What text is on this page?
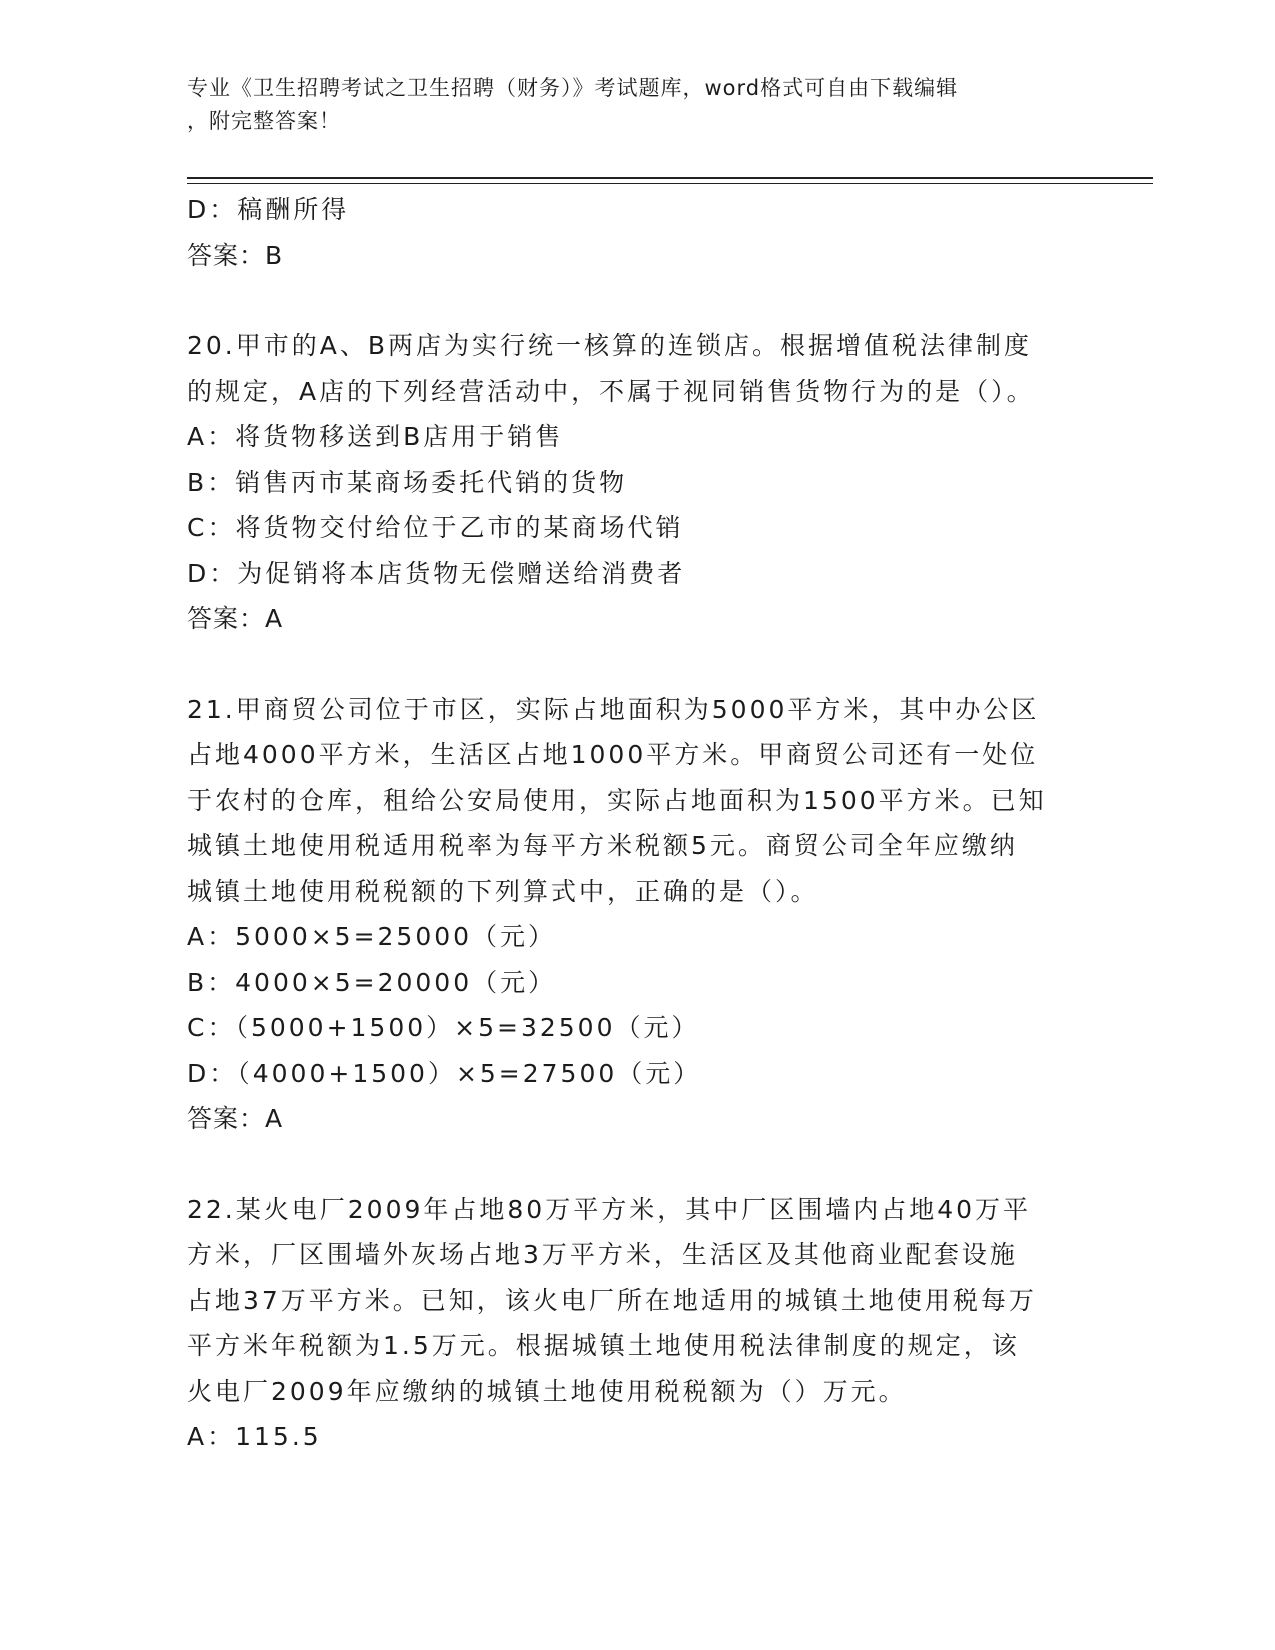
专业《卫生招聘考试之卫生招聘（财务）》考试题库，word格式可自由下载编辑
，附完整答案！
D：稿酬所得
答案：B
20.甲市的A、B两店为实行统一核算的连锁店。根据增值税法律制度
的规定，A店的下列经营活动中，不属于视同销售货物行为的是（）。
A：将货物移送到B店用于销售
B：销售丙市某商场委托代销的货物
C：将货物交付给位于乙市的某商场代销
D：为促销将本店货物无偿赠送给消费者
答案：A
21.甲商贸公司位于市区，实际占地面积为5000平方米，其中办公区
占地4000平方米，生活区占地1000平方米。甲商贸公司还有一处位
于农村的仓库，租给公安局使用，实际占地面积为1500平方米。已知
城镇土地使用税适用税率为每平方米税额5元。商贸公司全年应缴纳
城镇土地使用税税额的下列算式中，正确的是（）。
A：5000×5=25000（元）
B：4000×5=20000（元）
C：（5000+1500）×5=32500（元）
D：（4000+1500）×5=27500（元）
答案：A
22.某火电厂2009年占地80万平方米，其中厂区围墙内占地40万平
方米，厂区围墙外灰场占地3万平方米，生活区及其他商业配套设施
占地37万平方米。已知，该火电厂所在地适用的城镇土地使用税每万
平方米年税额为1.5万元。根据城镇土地使用税法律制度的规定，该
火电厂2009年应缴纳的城镇土地使用税税额为（）万元。
A：115.5
